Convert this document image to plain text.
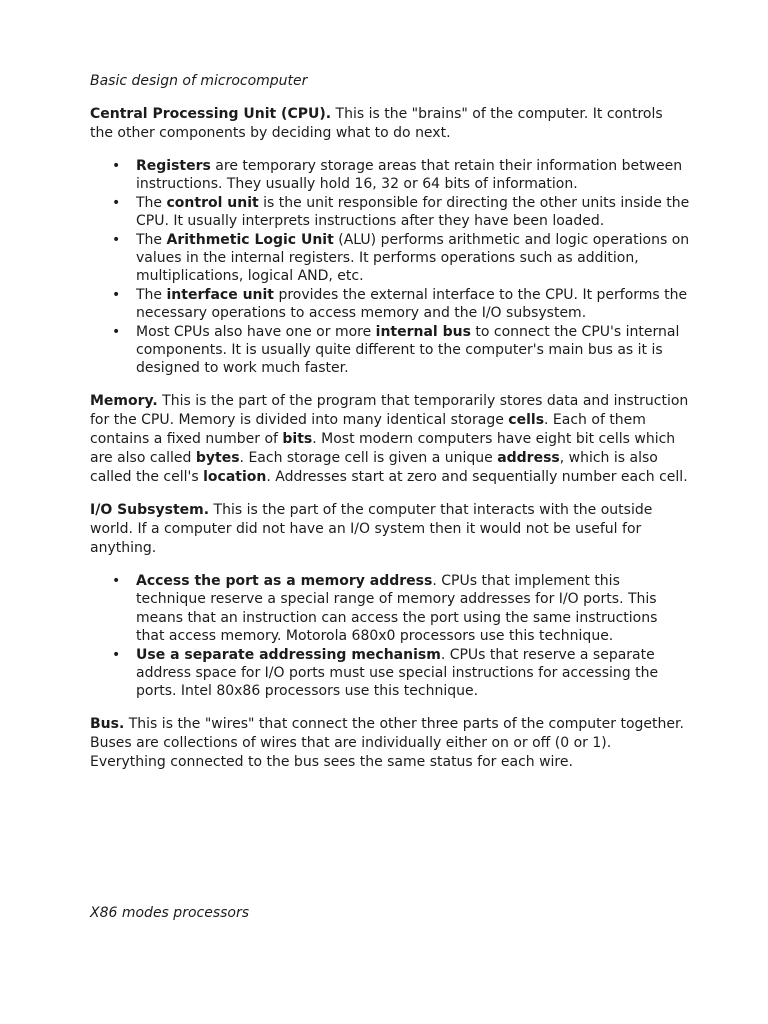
Basic design of microcomputer

Central Processing Unit (CPU). This is the "brains" of the computer. It controls the other components by deciding what to do next.

• Registers are temporary storage areas that retain their information between instructions. They usually hold 16, 32 or 64 bits of information.
• The control unit is the unit responsible for directing the other units inside the CPU. It usually interprets instructions after they have been loaded.
• The Arithmetic Logic Unit (ALU) performs arithmetic and logic operations on values in the internal registers. It performs operations such as addition, multiplications, logical AND, etc.
• The interface unit provides the external interface to the CPU. It performs the necessary operations to access memory and the I/O subsystem.
• Most CPUs also have one or more internal bus to connect the CPU's internal components. It is usually quite different to the computer's main bus as it is designed to work much faster.

Memory. This is the part of the program that temporarily stores data and instruction for the CPU. Memory is divided into many identical storage cells. Each of them contains a fixed number of bits. Most modern computers have eight bit cells which are also called bytes. Each storage cell is given a unique address, which is also called the cell's location. Addresses start at zero and sequentially number each cell.

I/O Subsystem. This is the part of the computer that interacts with the outside world. If a computer did not have an I/O system then it would not be useful for anything.

• Access the port as a memory address. CPUs that implement this technique reserve a special range of memory addresses for I/O ports. This means that an instruction can access the port using the same instructions that access memory. Motorola 680x0 processors use this technique.
• Use a separate addressing mechanism. CPUs that reserve a separate address space for I/O ports must use special instructions for accessing the ports. Intel 80x86 processors use this technique.

Bus. This is the "wires" that connect the other three parts of the computer together. Buses are collections of wires that are individually either on or off (0 or 1). Everything connected to the bus sees the same status for each wire.

X86 modes processors
